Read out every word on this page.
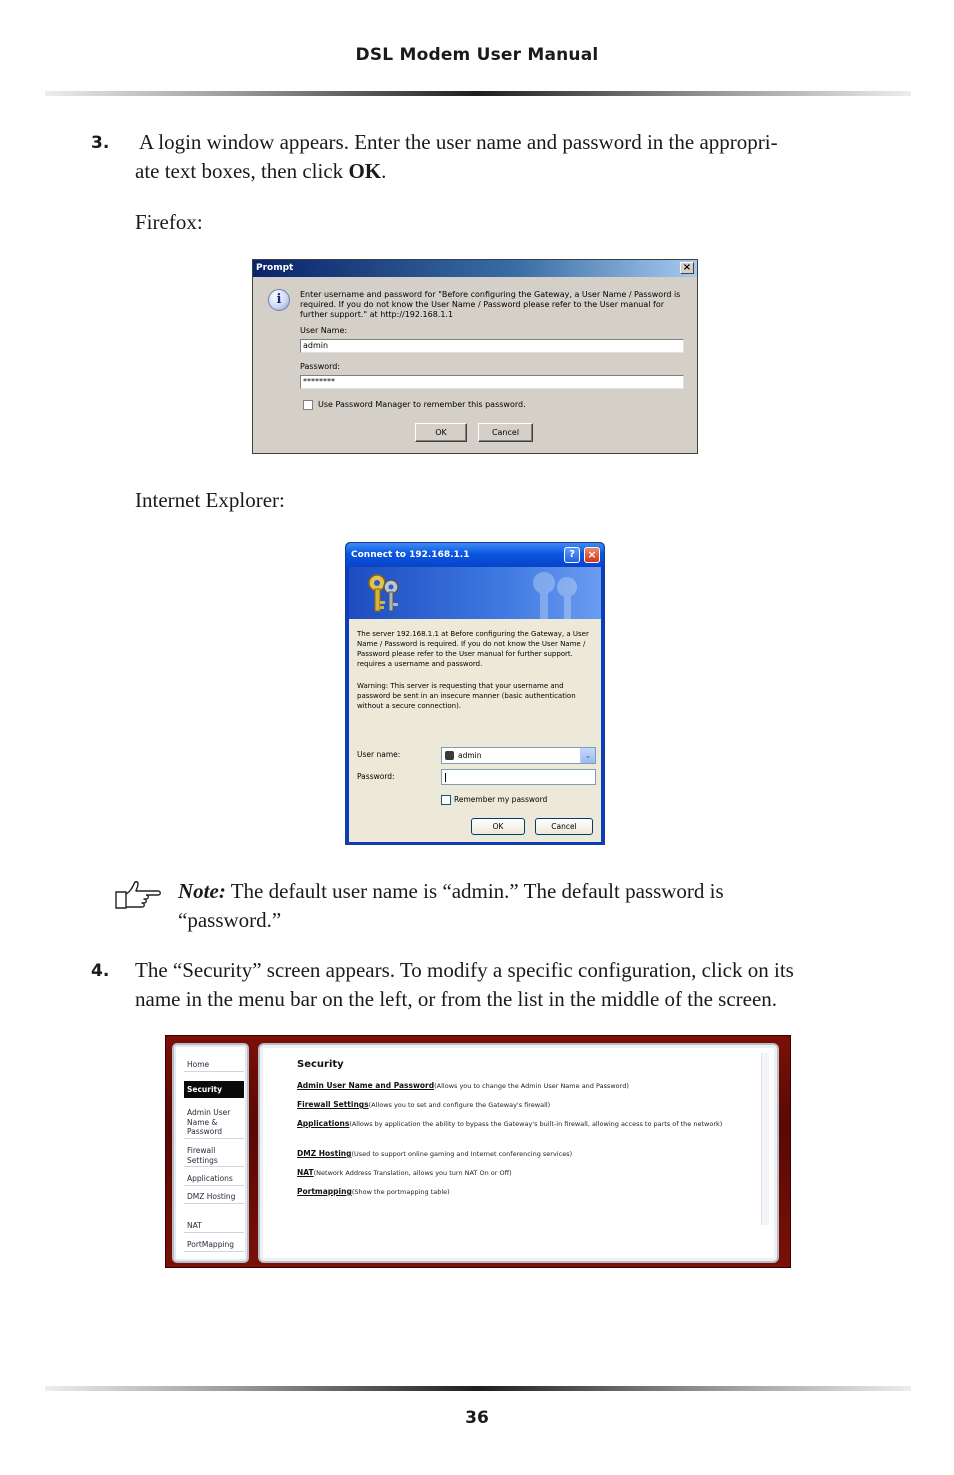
DSL Modem User Manual
3. A login window appears. Enter the user name and password in the appropri-
ate text boxes, then click OK.
Firefox:
Prompt	×
i	Enter username and password for "Before configuring the Gateway, a User Name / Password is required. If you do not know the User Name / Password please refer to the User manual for further support." at http://192.168.1.1
User Name:
admin
Password:
********
Use Password Manager to remember this password.
OK	Cancel
Internet Explorer:
Connect to 192.168.1.1	?	×
The server 192.168.1.1 at Before configuring the Gateway, a User Name / Password is required. If you do not know the User Name / Password please refer to the User manual for further support. requires a username and password.
Warning: This server is requesting that your username and password be sent in an insecure manner (basic authentication without a secure connection).
User name:	admin	⌄
Password:
Remember my password
OK	Cancel
Note: The default user name is “admin.” The default password is “password.”
4. The “Security” screen appears. To modify a specific configuration, click on its
name in the menu bar on the left, or from the list in the middle of the screen.
Home
Security
Admin User Name & Password
Firewall Settings
Applications
DMZ Hosting
NAT
PortMapping
Security
Admin User Name and Password(Allows you to change the Admin User Name and Password)
Firewall Settings(Allows you to set and configure the Gateway's firewall)
Applications(Allows by application the ability to bypass the Gateway's built-in firewall, allowing access to parts of the network)
DMZ Hosting(Used to support online gaming and Internet conferencing services)
NAT(Network Address Translation, allows you turn NAT On or Off)
Portmapping(Show the portmapping table)
36
